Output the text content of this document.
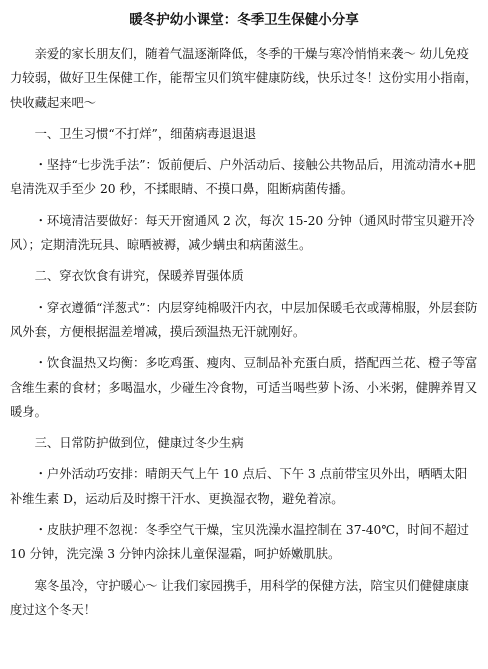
暖冬护幼小课堂：冬季卫生保健小分享

亲爱的家长朋友们，随着气温逐渐降低，冬季的干燥与寒冷悄悄来袭～ 幼儿免疫力较弱，做好卫生保健工作，能帮宝贝们筑牢健康防线，快乐过冬！这份实用小指南，快收藏起来吧～

一、卫生习惯“不打烊”，细菌病毒退退退

・坚持“七步洗手法”：饭前便后、户外活动后、接触公共物品后，用流动清水+肥皂清洗双手至少 20 秒，不揉眼睛、不摸口鼻，阻断病菌传播。

・环境清洁要做好：每天开窗通风 2 次，每次 15-20 分钟（通风时带宝贝避开冷风）；定期清洗玩具、晾晒被褥，减少螨虫和病菌滋生。

二、穿衣饮食有讲究，保暖养胃强体质

・穿衣遵循“洋葱式”：内层穿纯棉吸汗内衣，中层加保暖毛衣或薄棉服，外层套防风外套，方便根据温差增减，摸后颈温热无汗就刚好。

・饮食温热又均衡：多吃鸡蛋、瘦肉、豆制品补充蛋白质，搭配西兰花、橙子等富含维生素的食材；多喝温水，少碰生冷食物，可适当喝些萝卜汤、小米粥，健脾养胃又暖身。

三、日常防护做到位，健康过冬少生病

・户外活动巧安排：晴朗天气上午 10 点后、下午 3 点前带宝贝外出，晒晒太阳补维生素 D，运动后及时擦干汗水、更换湿衣物，避免着凉。

・皮肤护理不忽视：冬季空气干燥，宝贝洗澡水温控制在 37-40℃，时间不超过 10 分钟，洗完澡 3 分钟内涂抹儿童保湿霜，呵护娇嫩肌肤。

寒冬虽冷，守护暖心～ 让我们家园携手，用科学的保健方法，陪宝贝们健健康康度过这个冬天！
